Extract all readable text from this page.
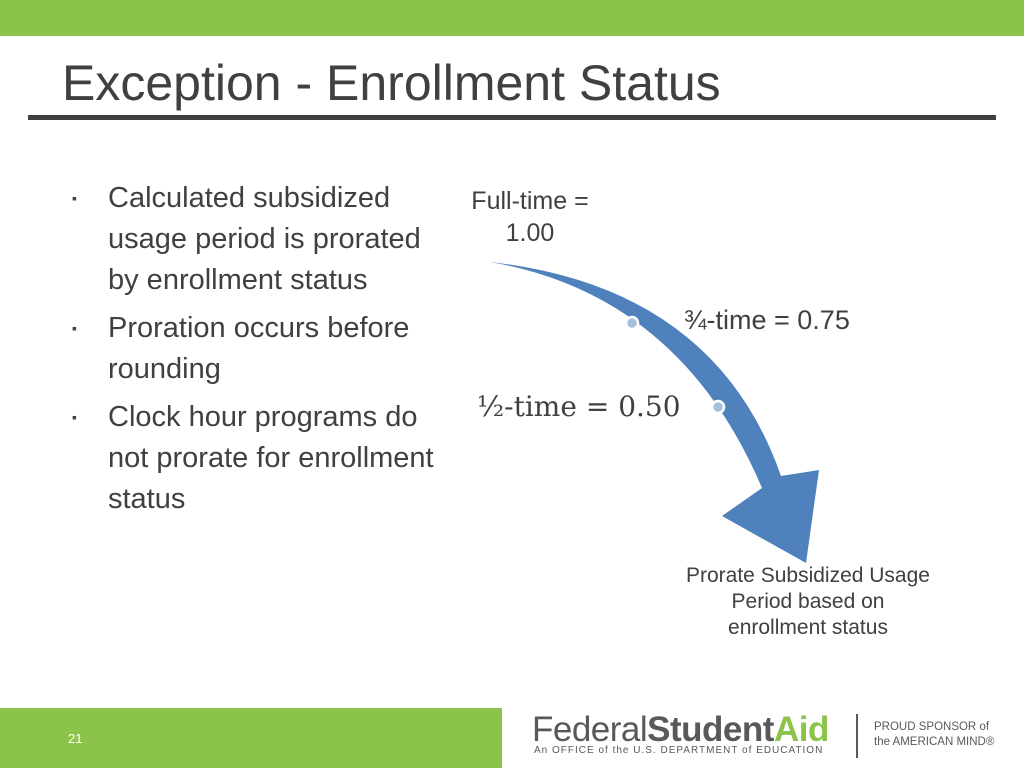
Exception - Enrollment Status
▪ Calculated subsidized usage period is prorated by enrollment status
▪ Proration occurs before rounding
▪ Clock hour programs do not prorate for enrollment status
Full-time = 1.00
¾-time = 0.75
½-time = 0.50
Prorate Subsidized Usage Period based on enrollment status
21	FederalStudentAid
An OFFICE of the U.S. DEPARTMENT of EDUCATION
PROUD SPONSOR of
the AMERICAN MIND®
